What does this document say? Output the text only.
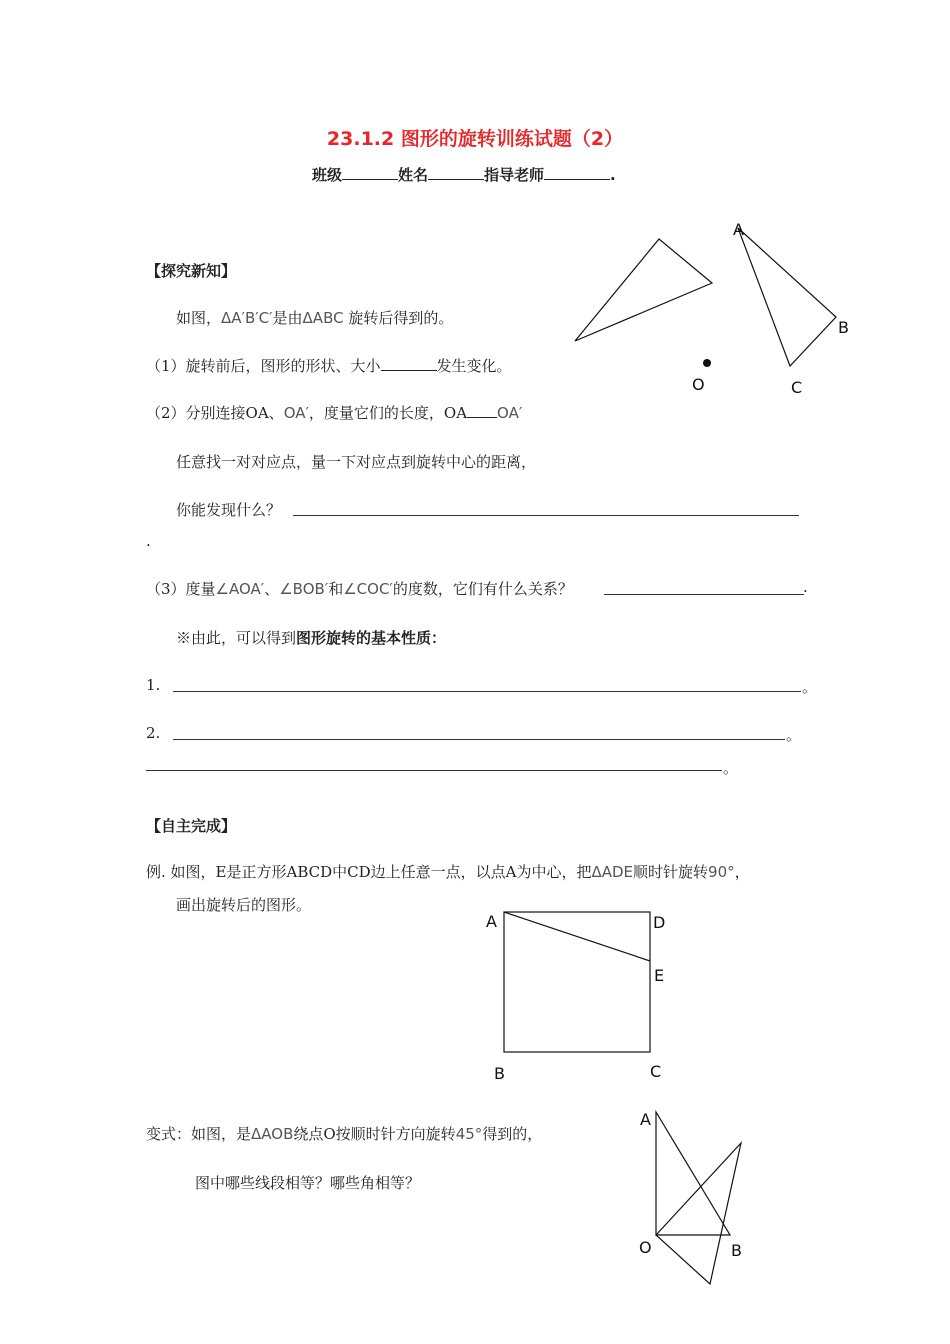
23.1.2 图形的旋转训练试题（2）
班级	姓名	指导老师	.
【探究新知】
如图，ΔA′B′C′是由ΔABC 旋转后得到的。
（1）旋转前后，图形的形状、大小	发生变化。
（2）分别连接OA、OA′，度量它们的长度，OA OA′
任意找一对对应点，量一下对应点到旋转中心的距离，
你能发现什么？
.
（3）度量∠AOA′、∠BOB′和∠COC′的度数，它们有什么关系？	.
※由此，可以得到图形旋转的基本性质：
1.	。
2.	。
。
A
B
C
O
【自主完成】
例. 如图，E是正方形ABCD中CD边上任意一点，以点A为中心，把ΔADE顺时针旋转90°，
画出旋转后的图形。
A	D
E
B	C
变式：如图，是ΔAOB绕点O按顺时针方向旋转45°得到的，
图中哪些线段相等？哪些角相等？
A
O	B
